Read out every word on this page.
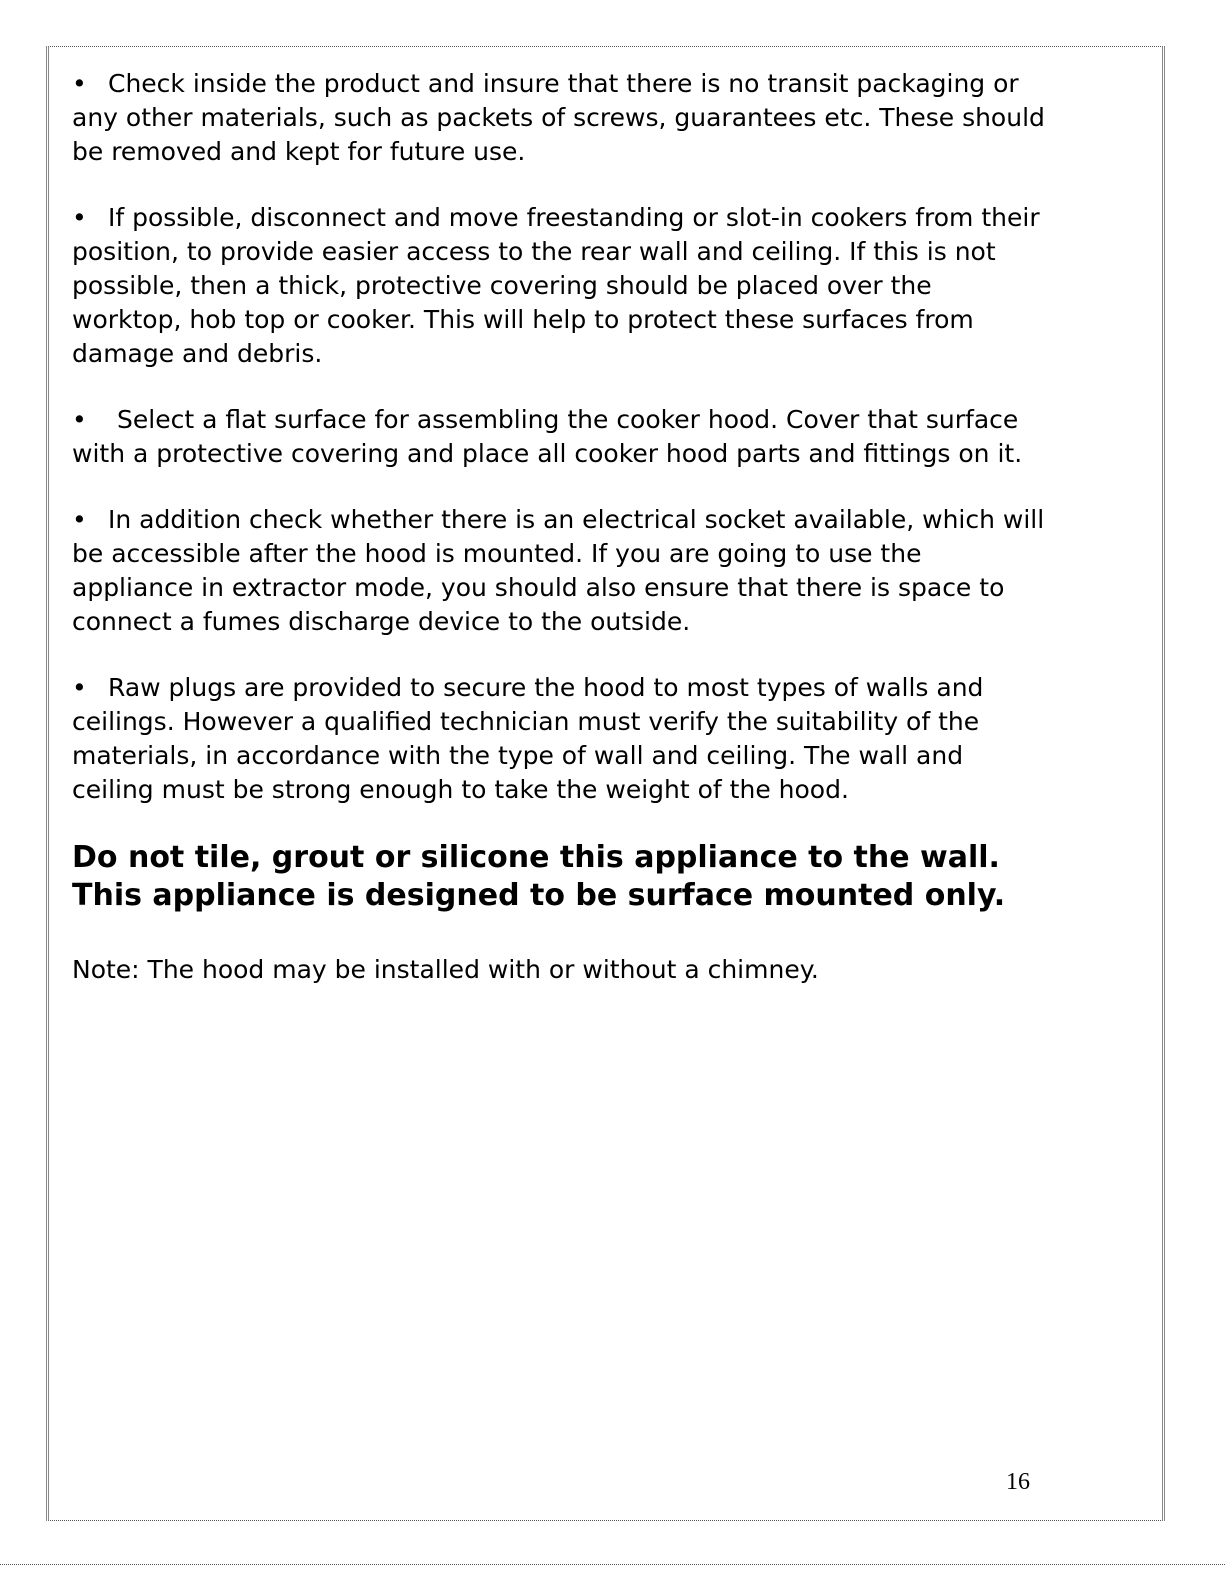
• Check inside the product and insure that there is no transit packaging or any other materials, such as packets of screws, guarantees etc. These should be removed and kept for future use.

• If possible, disconnect and move freestanding or slot-in cookers from their position, to provide easier access to the rear wall and ceiling. If this is not possible, then a thick, protective covering should be placed over the worktop, hob top or cooker. This will help to protect these surfaces from damage and debris.

• Select a flat surface for assembling the cooker hood. Cover that surface with a protective covering and place all cooker hood parts and fittings on it.

• In addition check whether there is an electrical socket available, which will be accessible after the hood is mounted. If you are going to use the appliance in extractor mode, you should also ensure that there is space to connect a fumes discharge device to the outside.

• Raw plugs are provided to secure the hood to most types of walls and ceilings. However a qualified technician must verify the suitability of the materials, in accordance with the type of wall and ceiling. The wall and ceiling must be strong enough to take the weight of the hood.

Do not tile, grout or silicone this appliance to the wall. This appliance is designed to be surface mounted only.

Note: The hood may be installed with or without a chimney.

16
